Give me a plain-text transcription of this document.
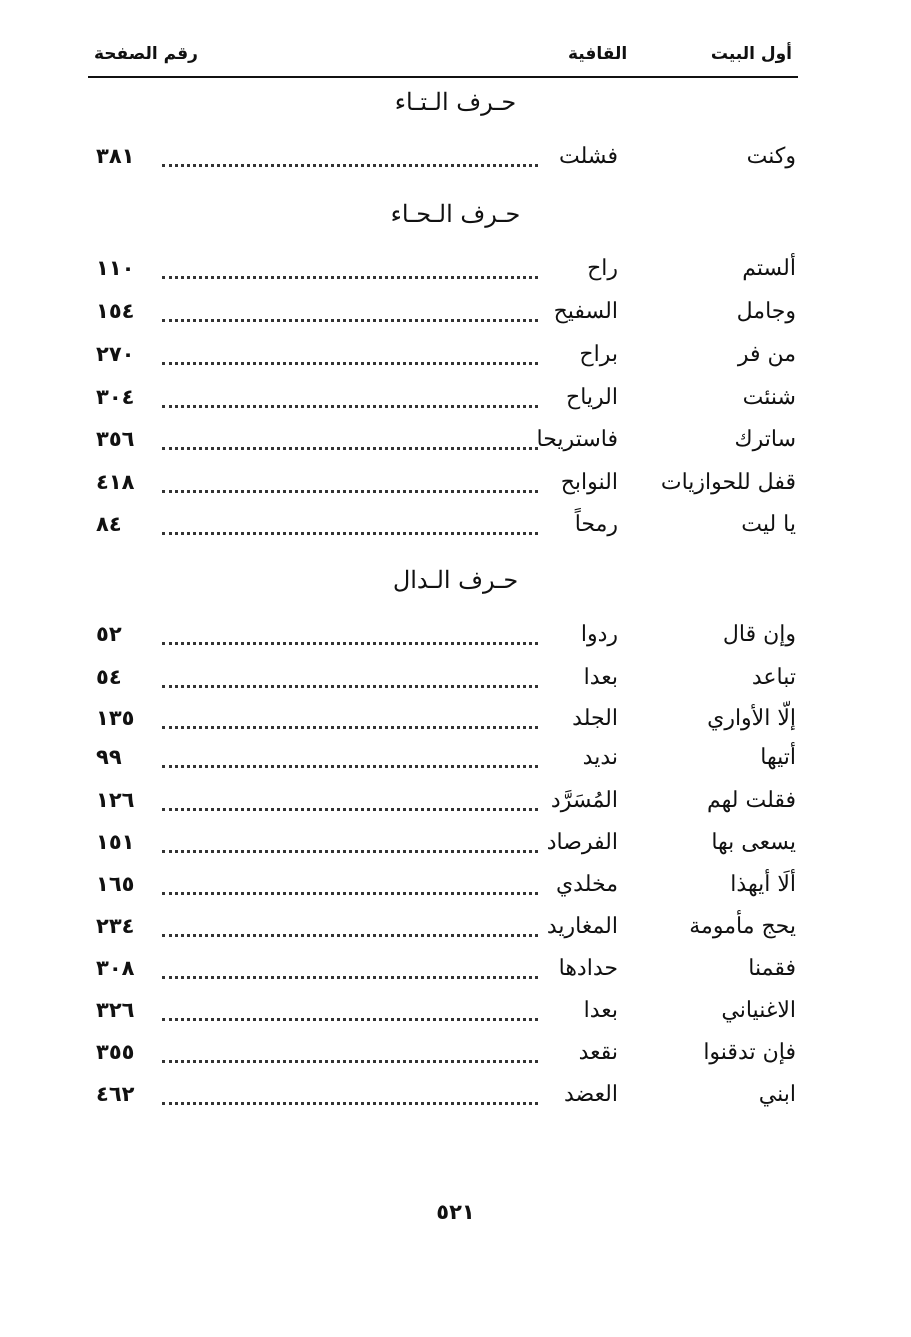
أول البيت
القافية
رقم الصفحة
حـرف الـتـاء
وكنت
فشلت
٣٨١
حـرف الـحـاء
ألستم
راح
١١٠
وجامل
السفيح
١٥٤
من فر
براح
٢٧٠
شنئت
الرياح
٣٠٤
ساترك
فاستريحا
٣٥٦
قفل للحوازيات
النوابح
٤١٨
يا ليت
رمحاً
٨٤
حـرف الـدال
وإن قال
ردوا
٥٢
تباعد
بعدا
٥٤
إلّا الأواري
الجلد
١٣٥
أتيها
نديد
٩٩
فقلت لهم
المُسَرَّد
١٢٦
يسعى بها
الفرصاد
١٥١
ألَا أيهذا
مخلدي
١٦٥
يحج مأمومة
المغاريد
٢٣٤
فقمنا
حدادها
٣٠٨
الاغنياني
بعدا
٣٢٦
فإن تدقنوا
نقعد
٣٥٥
ابني
العضد
٤٦٢
٥٢١
